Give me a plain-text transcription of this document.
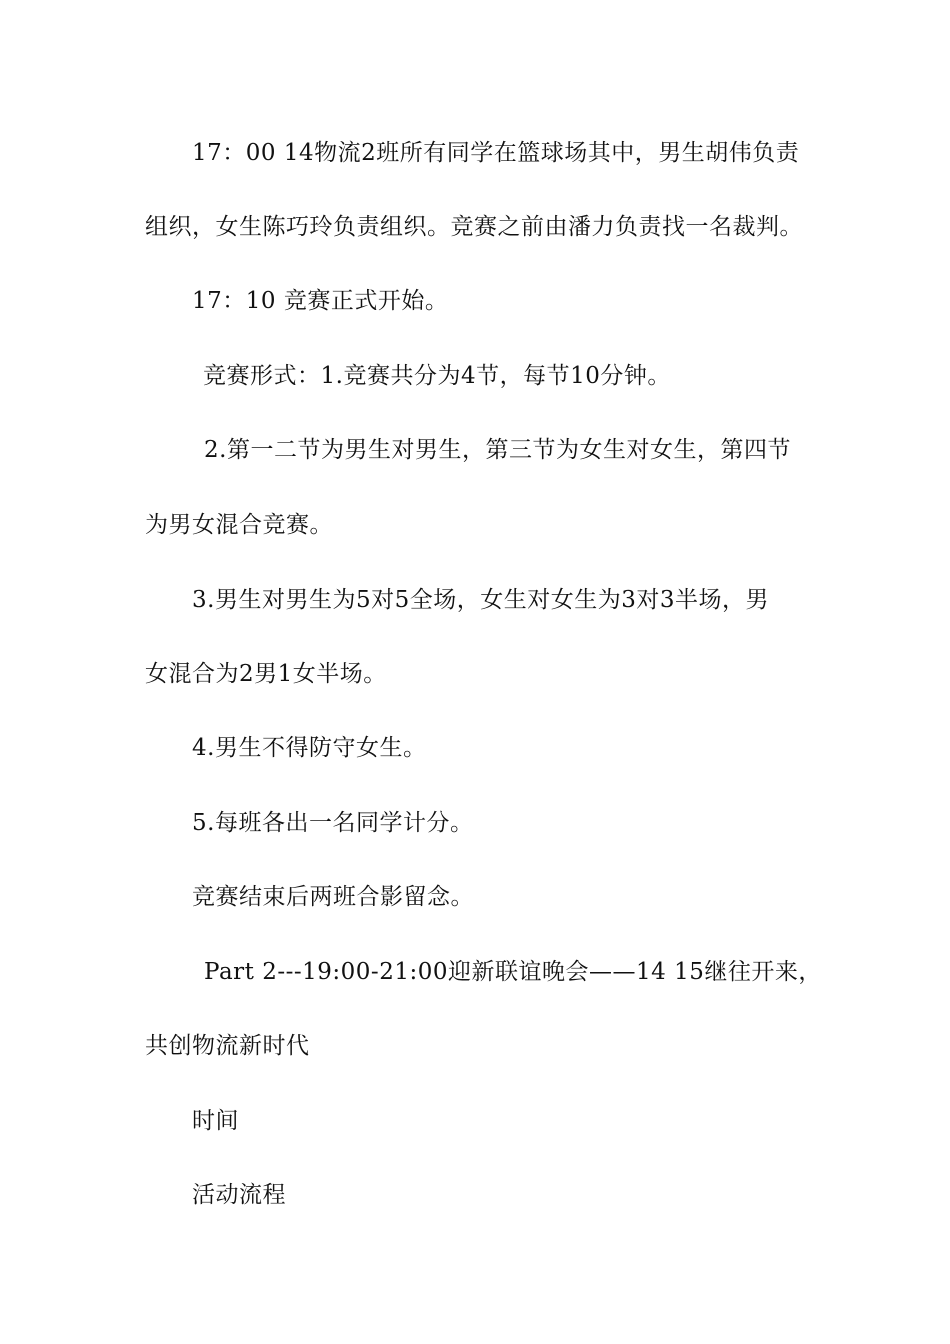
17：00 14物流2班所有同学在篮球场其中，男生胡伟负责
组织，女生陈巧玲负责组织。竞赛之前由潘力负责找一名裁判。
17：10 竞赛正式开始。
竞赛形式：1.竞赛共分为4节，每节10分钟。
2.第一二节为男生对男生，第三节为女生对女生，第四节
为男女混合竞赛。
3.男生对男生为5对5全场，女生对女生为3对3半场，男
女混合为2男1女半场。
4.男生不得防守女生。
5.每班各出一名同学计分。
竞赛结束后两班合影留念。
Part 2---19:00-21:00迎新联谊晚会——14 15继往开来，
共创物流新时代
时间
活动流程
